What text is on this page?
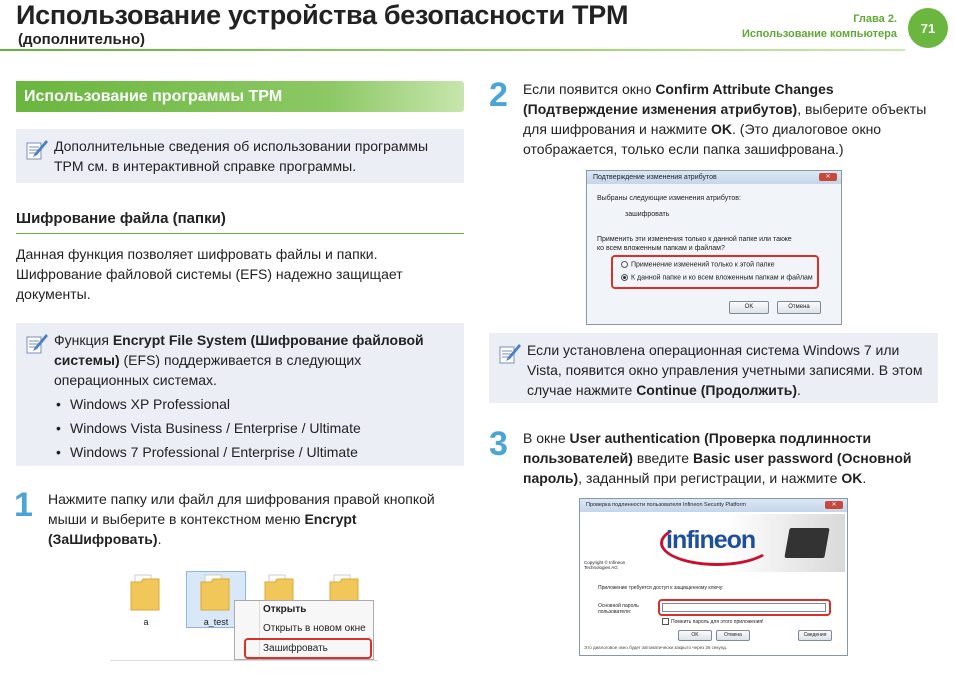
Использование устройства безопасности TPM
(дополнительно)
Глава 2.
Использование компьютера	71
Использование программы TPM
Дополнительные сведения об использовании программы TPM см. в интерактивной справке программы.
Шифрование файла (папки)
Данная функция позволяет шифровать файлы и папки. Шифрование файловой системы (EFS) надежно защищает документы.
Функция Encrypt File System (Шифрование файловой системы) (EFS) поддерживается в следующих операционных системах.
• Windows XP Professional
• Windows Vista Business / Enterprise / Ultimate
• Windows 7 Professional / Enterprise / Ultimate
1 Нажмите папку или файл для шифрования правой кнопкой мыши и выберите в контекстном меню Encrypt (ЗаШифровать).
a	a_test
Открыть
Открыть в новом окне
Зашифровать
2 Если появится окно Confirm Attribute Changes (Подтверждение изменения атрибутов), выберите объекты для шифрования и нажмите OK. (Это диалоговое окно отображается, только если папка зашифрована.)
Подтверждение изменения атрибутов	✕
Выбраны следующие изменения атрибутов:
зашифровать
Применить эти изменения только к данной папке или также ко всем вложенным папкам и файлам?
Применение изменений только к этой папке
К данной папке и ко всем вложенным папкам и файлам
OK	Отмена
Если установлена операционная система Windows 7 или Vista, появится окно управления учетными записями. В этом случае нажмите Continue (Продолжить).
3 В окне User authentication (Проверка подлинности пользователей) введите Basic user password (Основной пароль), заданный при регистрации, и нажмите OK.
Проверка подлинности пользователя Infineon Security Platform	✕
infineon
Copyright © Infineon Technologies AG
Приложение требуется доступ к защищенному ключу:
Основной пароль пользователя:
Помнить пароль для этого приложения!
OK	Отмена	Сведения
Это диалоговое окно будет автоматически закрыто через 26 секунд.
